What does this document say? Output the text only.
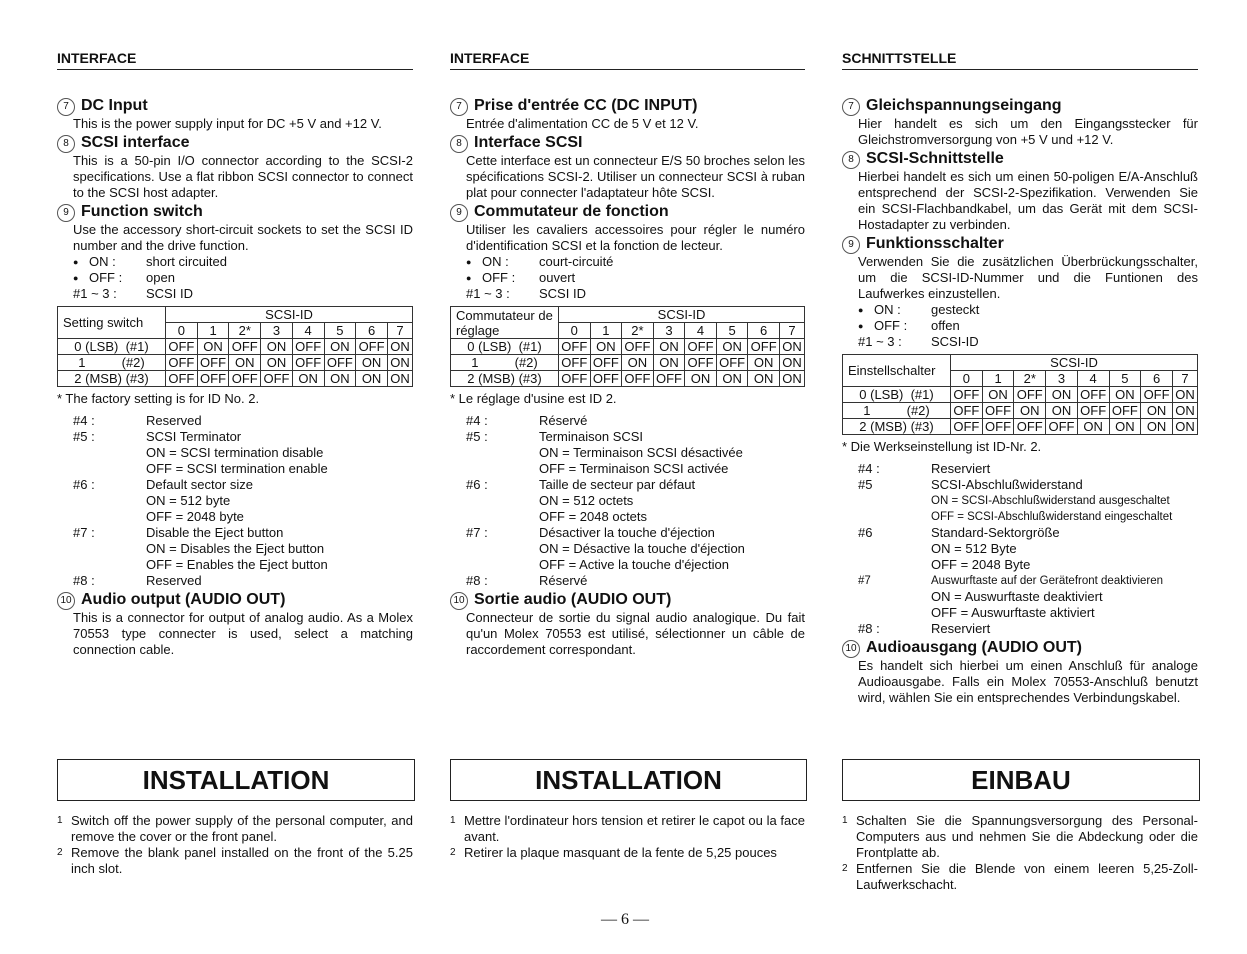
INTERFACE
7 DC Input

This is the power supply input for DC +5 V and +12 V.

8 SCSI interface

This is a 50-pin I/O connector according to the SCSI-2 specifications. Use a flat ribbon SCSI connector to connect to the SCSI host adapter.

9 Function switch

Use the accessory short-circuit sockets to set the SCSI ID number and the drive function.

● ON :	short circuited
● OFF :	open
#1 ~ 3 :	SCSI ID
Setting switch	SCSI-ID							
	0	1	2*	3	4	5	6	7
0 (LSB)  (#1)	OFF	ON	OFF	ON	OFF	ON	OFF	ON
1          (#2)	OFF	OFF	ON	ON	OFF	OFF	ON	ON
2 (MSB) (#3)	OFF	OFF	OFF	OFF	ON	ON	ON	ON
* The factory setting is for ID No. 2.
#4 :	Reserved
#5 :	SCSI Terminator
ON = SCSI termination disable
OFF = SCSI termination enable
#6 :	Default sector size
ON = 512 byte
OFF = 2048 byte
#7 :	Disable the Eject button
ON = Disables the Eject button
OFF = Enables the Eject button
#8 :	Reserved
10 Audio output (AUDIO OUT)

This is a connector for output of analog audio. As a Molex 70553 type connecter is used, select a matching connection cable.

INTERFACE
7 Prise d'entrée CC (DC INPUT)

Entrée d'alimentation CC de 5 V et 12 V.

8 Interface SCSI

Cette interface est un connecteur E/S 50 broches selon les spécifications SCSI-2. Utiliser un connecteur SCSI à ruban plat pour connecter l'adaptateur hôte SCSI.

9 Commutateur de fonction

Utiliser les cavaliers accessoires pour régler le numéro d'identification SCSI et la fonction de lecteur.

● ON :	court-circuité
● OFF :	ouvert
#1 ~ 3 :	SCSI ID
Commutateur de réglage	SCSI-ID							
	0	1	2*	3	4	5	6	7
0 (LSB)  (#1)	OFF	ON	OFF	ON	OFF	ON	OFF	ON
1          (#2)	OFF	OFF	ON	ON	OFF	OFF	ON	ON
2 (MSB) (#3)	OFF	OFF	OFF	OFF	ON	ON	ON	ON
* Le réglage d'usine est ID 2.
#4 :	Réservé
#5 :	Terminaison SCSI
ON = Terminaison SCSI désactivée
OFF = Terminaison SCSI activée
#6 :	Taille de secteur par défaut
ON = 512 octets
OFF = 2048 octets
#7 :	Désactiver la touche d'éjection
ON = Désactive la touche d'éjection
OFF = Active la touche d'éjection
#8 :	Réservé
10 Sortie audio (AUDIO OUT)

Connecteur de sortie du signal audio analogique. Du fait qu'un Molex 70553 est utilisé, sélectionner un câble de raccordement correspondant.

SCHNITTSTELLE
7 Gleichspannungseingang

Hier handelt es sich um den Eingangsstecker für Gleichstromversorgung von +5 V und +12 V.

8 SCSI-Schnittstelle

Hierbei handelt es sich um einen 50-poligen E/A-Anschluß entsprechend der SCSI-2-Spezifikation. Verwenden Sie ein SCSI-Flachbandkabel, um das Gerät mit dem SCSI-Hostadapter zu verbinden.

9 Funktionsschalter

Verwenden Sie die zusätzlichen Überbrückungsschalter, um die SCSI-ID-Nummer und die Funtionen des Laufwerkes einzustellen.

● ON :	gesteckt
● OFF :	offen
#1 ~ 3 :	SCSI-ID
Einstellschalter	SCSI-ID							
	0	1	2*	3	4	5	6	7
0 (LSB)  (#1)	OFF	ON	OFF	ON	OFF	ON	OFF	ON
1          (#2)	OFF	OFF	ON	ON	OFF	OFF	ON	ON
2 (MSB) (#3)	OFF	OFF	OFF	OFF	ON	ON	ON	ON
* Die Werkseinstellung ist ID-Nr. 2.
#4 :	Reserviert
#5	SCSI-Abschlußwiderstand
ON = SCSI-Abschlußwiderstand ausgeschaltet
OFF = SCSI-Abschlußwiderstand eingeschaltet
#6	Standard-Sektorgröße
ON = 512 Byte
OFF = 2048 Byte
#7	Auswurftaste auf der Gerätefront deaktivieren
ON = Auswurftaste deaktiviert
OFF = Auswurftaste aktiviert
#8 :	Reserviert
10 Audioausgang (AUDIO OUT)

Es handelt sich hierbei um einen Anschluß für analoge Audioausgabe. Falls ein Molex 70553-Anschluß benutzt wird, wählen Sie ein entsprechendes Verbindungskabel.

INSTALLATION	INSTALLATION	EINBAU
1 Switch off the power supply of the personal computer, and remove the cover or the front panel.
2 Remove the blank panel installed on the front of the 5.25 inch slot.
1 Mettre l'ordinateur hors tension et retirer le capot ou la face avant.
2 Retirer la plaque masquant de la fente de 5,25 pouces
1 Schalten Sie die Spannungsversorgung des Personal-Computers aus und nehmen Sie die Abdeckung oder die Frontplatte ab.
2 Entfernen Sie die Blende von einem leeren 5,25-Zoll-Laufwerkschacht.
— 6 —
